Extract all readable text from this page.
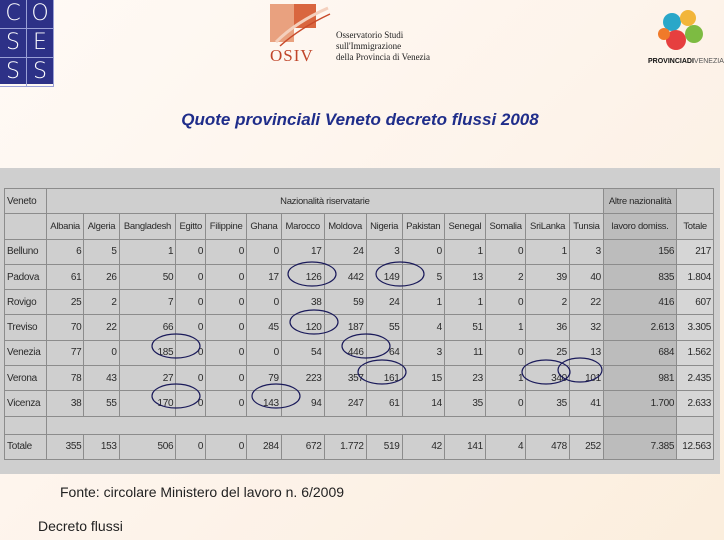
C O
S E
S S
OSIV
Osservatorio Studi
sull'Immigrazione
della Provincia di Venezia	PROVINCIADIVENEZIA
Quote provinciali Veneto decreto flussi 2008
Veneto	Nazionalità riservatarie														Altre nazionalità	
	Albania	Algeria	Bangladesh	Egitto	Filippine	Ghana	Marocco	Moldova	Nigeria	Pakistan	Senegal	Somalia	SriLanka	Tunsia	lavoro domiss.	Totale
Belluno	6	5	1	0	0	0	17	24	3	0	1	0	1	3	156	217
Padova	61	26	50	0	0	17	126	442	149	5	13	2	39	40	835	1.804
Rovigo	25	2	7	0	0	0	38	59	24	1	1	0	2	22	416	607
Treviso	70	22	66	0	0	45	120	187	55	4	51	1	36	32	2.613	3.305
Venezia	77	0	185	0	0	0	54	446	64	3	11	0	25	13	684	1.562
Verona	78	43	27	0	0	79	223	357	161	15	23	1	340	101	981	2.435
Vicenza	38	55	170	0	0	143	94	247	61	14	35	0	35	41	1.700	2.633

Totale	355	153	506	0	0	284	672	1.772	519	42	141	4	478	252	7.385	12.563
Fonte: circolare Ministero del lavoro n. 6/2009
Decreto flussi
